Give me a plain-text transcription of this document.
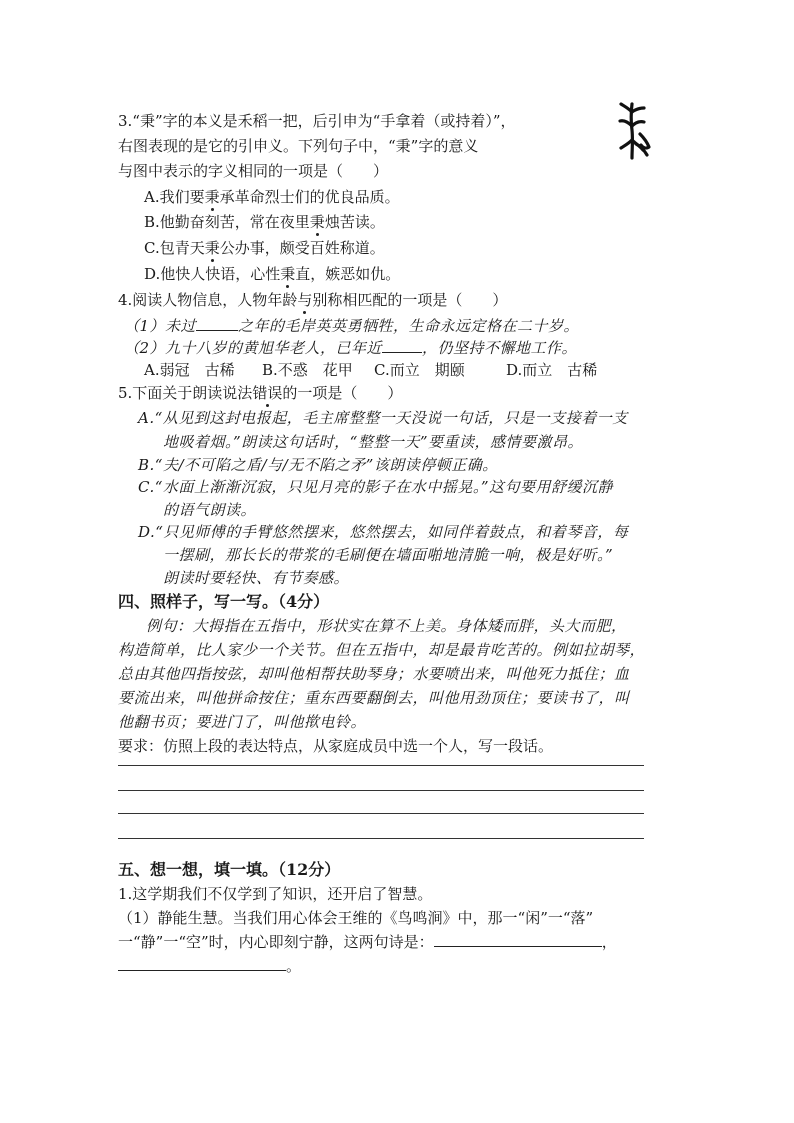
3.“秉”字的本义是禾稻一把，后引申为“手拿着（或持着）”，
右图表现的是它的引申义。下列句子中，“秉”字的意义
与图中表示的字义相同的一项是（　　）
A.我们要秉承革命烈士们的优良品质。
B.他勤奋刻苦，常在夜里秉烛苦读。
C.包青天秉公办事，颇受百姓称道。
D.他快人快语，心性秉直，嫉恶如仇。
4.阅读人物信息，人物年龄与别称相匹配的一项是（　　）
（1）未过	之年的毛岸英英勇牺牲，生命永远定格在二十岁。
（2）九十八岁的黄旭华老人，已年近	，仍坚持不懈地工作。
A.弱冠　古稀 B.不惑　花甲 C.而立　期颐	D.而立　古稀
5.下面关于朗读说法错误的一项是（　　）
A.“从见到这封电报起，毛主席整整一天没说一句话，只是一支接着一支
地吸着烟。”朗读这句话时，“整整一天”要重读，感情要激昂。
B.“夫/不可陷之盾/与/无不陷之矛”该朗读停顿正确。
C.“水面上渐渐沉寂，只见月亮的影子在水中摇晃。”这句要用舒缓沉静
的语气朗读。
D.“只见师傅的手臂悠然摆来，悠然摆去，如同伴着鼓点，和着琴音，每
一摆刷，那长长的带浆的毛刷便在墙面啪地清脆一响，极是好听。”
朗读时要轻快、有节奏感。
四、照样子，写一写。（4分）
例句：大拇指在五指中，形状实在算不上美。身体矮而胖，头大而肥，
构造简单，比人家少一个关节。但在五指中，却是最肯吃苦的。例如拉胡琴，
总由其他四指按弦，却叫他相帮扶助琴身；水要喷出来，叫他死力抵住；血
要流出来，叫他拼命按住；重东西要翻倒去，叫他用劲顶住；要读书了，叫
他翻书页；要进门了，叫他揿电铃。
要求：仿照上段的表达特点，从家庭成员中选一个人，写一段话。
五、想一想，填一填。（12分）
1.这学期我们不仅学到了知识，还开启了智慧。
（1）静能生慧。当我们用心体会王维的《鸟鸣涧》中，那一“闲”一“落”
一“静”一“空”时，内心即刻宁静，这两句诗是：	，
。
